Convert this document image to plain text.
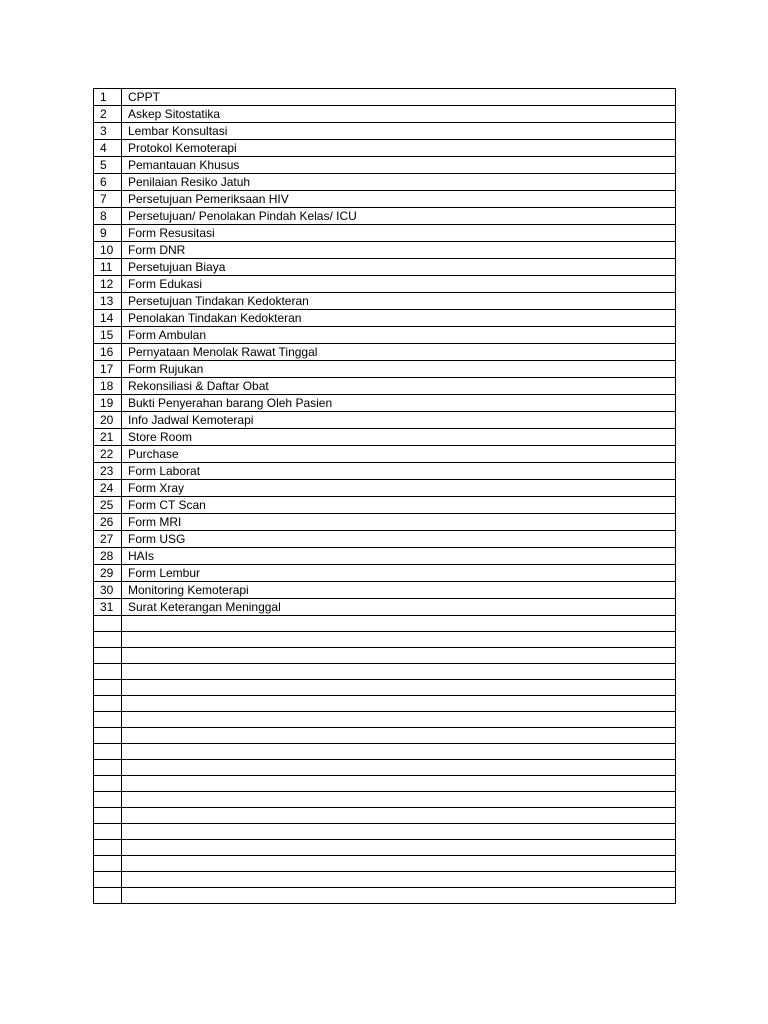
1	CPPT
2	Askep Sitostatika
3	Lembar Konsultasi
4	Protokol Kemoterapi
5	Pemantauan Khusus
6	Penilaian Resiko Jatuh
7	Persetujuan Pemeriksaan HIV
8	Persetujuan/ Penolakan Pindah Kelas/ ICU
9	Form Resusitasi
10	Form DNR
11	Persetujuan Biaya
12	Form Edukasi
13	Persetujuan Tindakan Kedokteran
14	Penolakan Tindakan Kedokteran
15	Form Ambulan
16	Pernyataan Menolak Rawat Tinggal
17	Form Rujukan
18	Rekonsiliasi & Daftar Obat
19	Bukti Penyerahan barang Oleh Pasien
20	Info Jadwal Kemoterapi
21	Store Room
22	Purchase
23	Form Laborat
24	Form Xray
25	Form CT Scan
26	Form MRI
27	Form USG
28	HAIs
29	Form Lembur
30	Monitoring Kemoterapi
31	Surat Keterangan Meninggal
